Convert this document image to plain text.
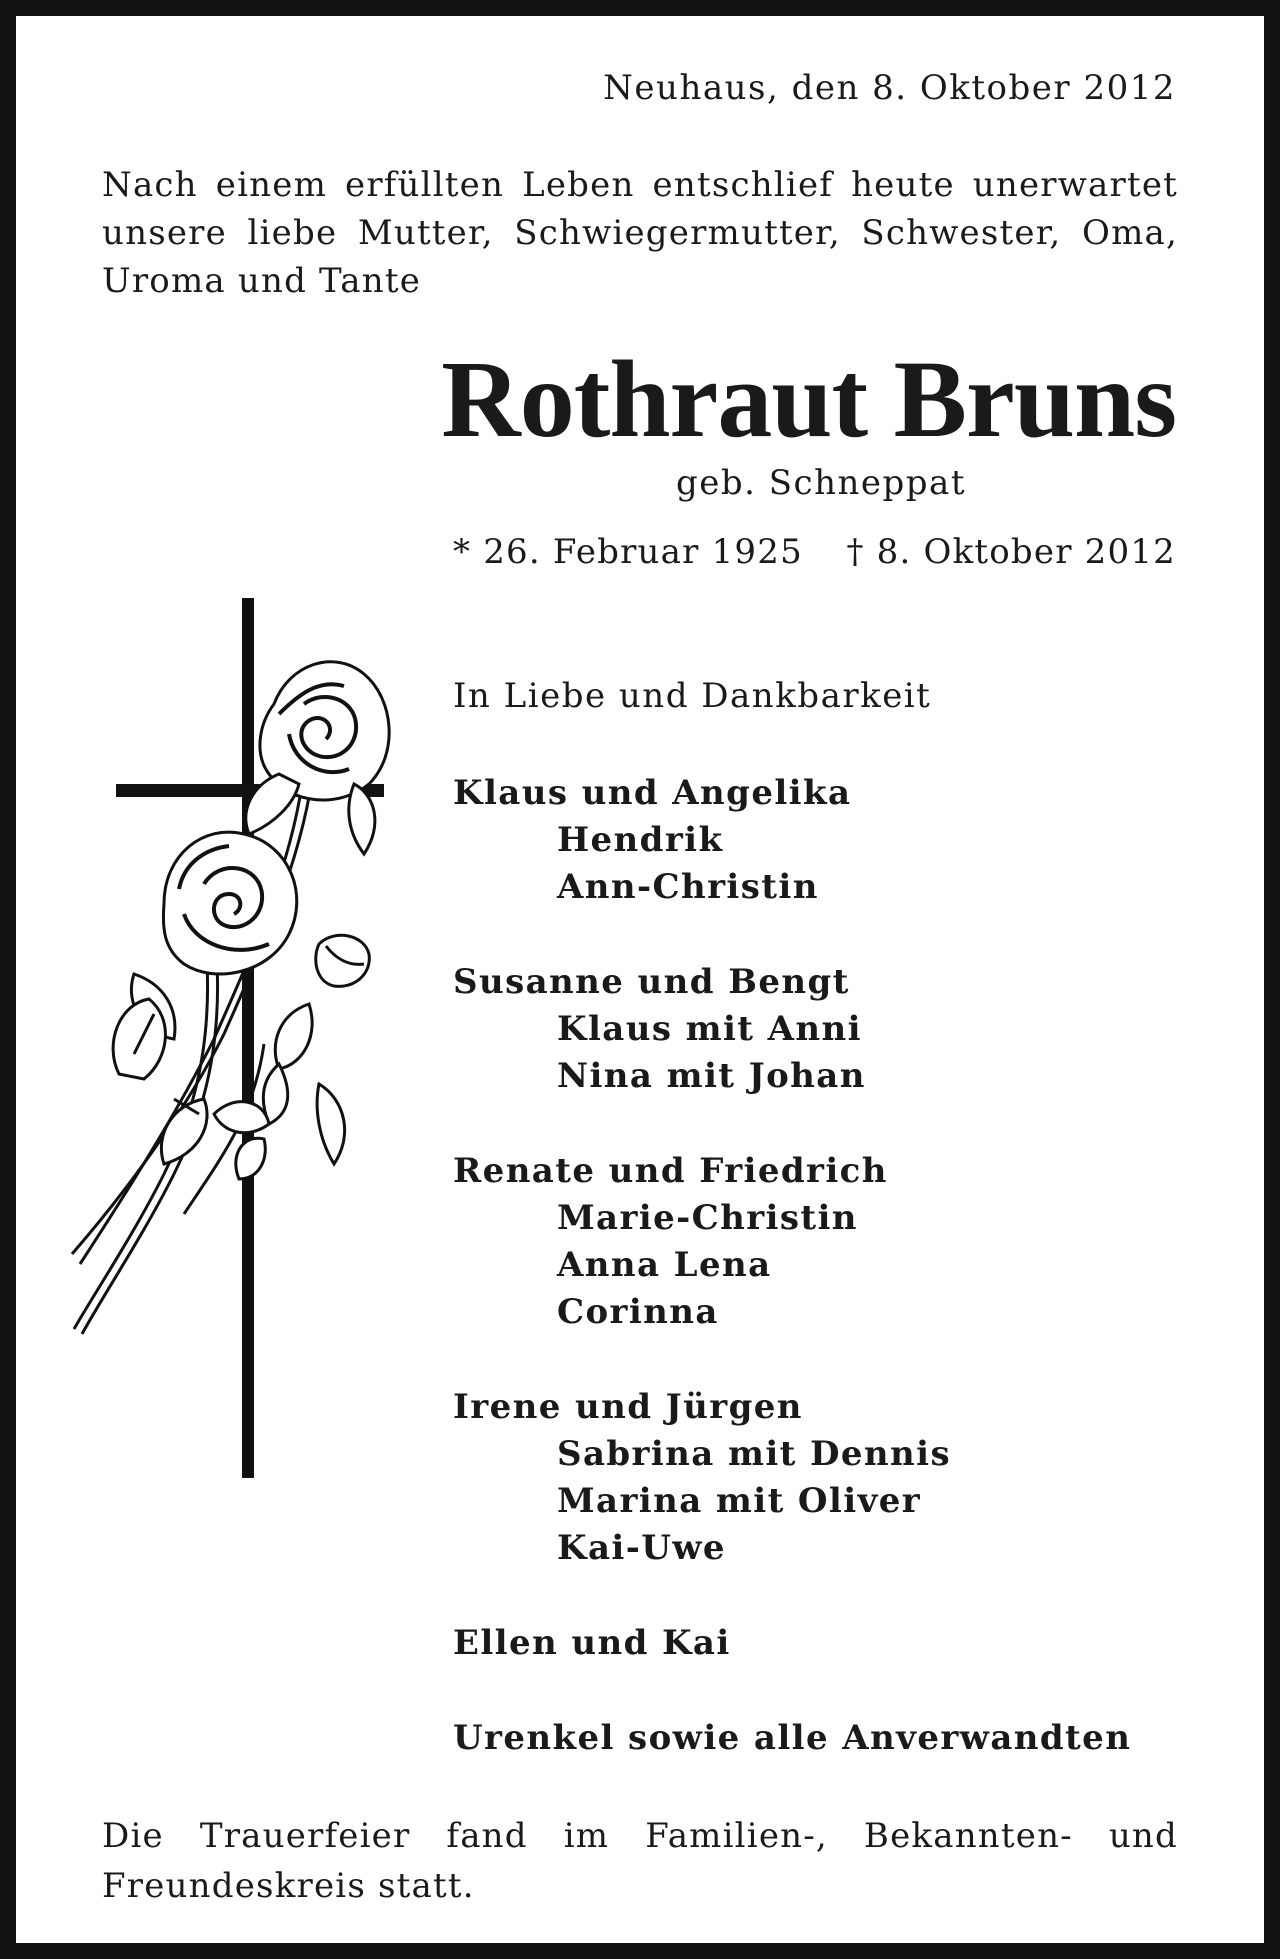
Neuhaus, den 8. Oktober 2012
Nach einem erfüllten Leben entschlief heute unerwartet unsere liebe Mutter, Schwiegermutter, Schwester, Oma, Uroma und Tante
Rothraut Bruns
geb. Schneppat
* 26. Februar 1925 † 8. Oktober 2012
In Liebe und Dankbarkeit
Klaus und Angelika
Hendrik
Ann-Christin
Susanne und Bengt
Klaus mit Anni
Nina mit Johan
Renate und Friedrich
Marie-Christin
Anna Lena
Corinna
Irene und Jürgen
Sabrina mit Dennis
Marina mit Oliver
Kai-Uwe
Ellen und Kai
Urenkel sowie alle Anverwandten
Die Trauerfeier fand im Familien-, Bekannten- und Freundeskreis statt.
